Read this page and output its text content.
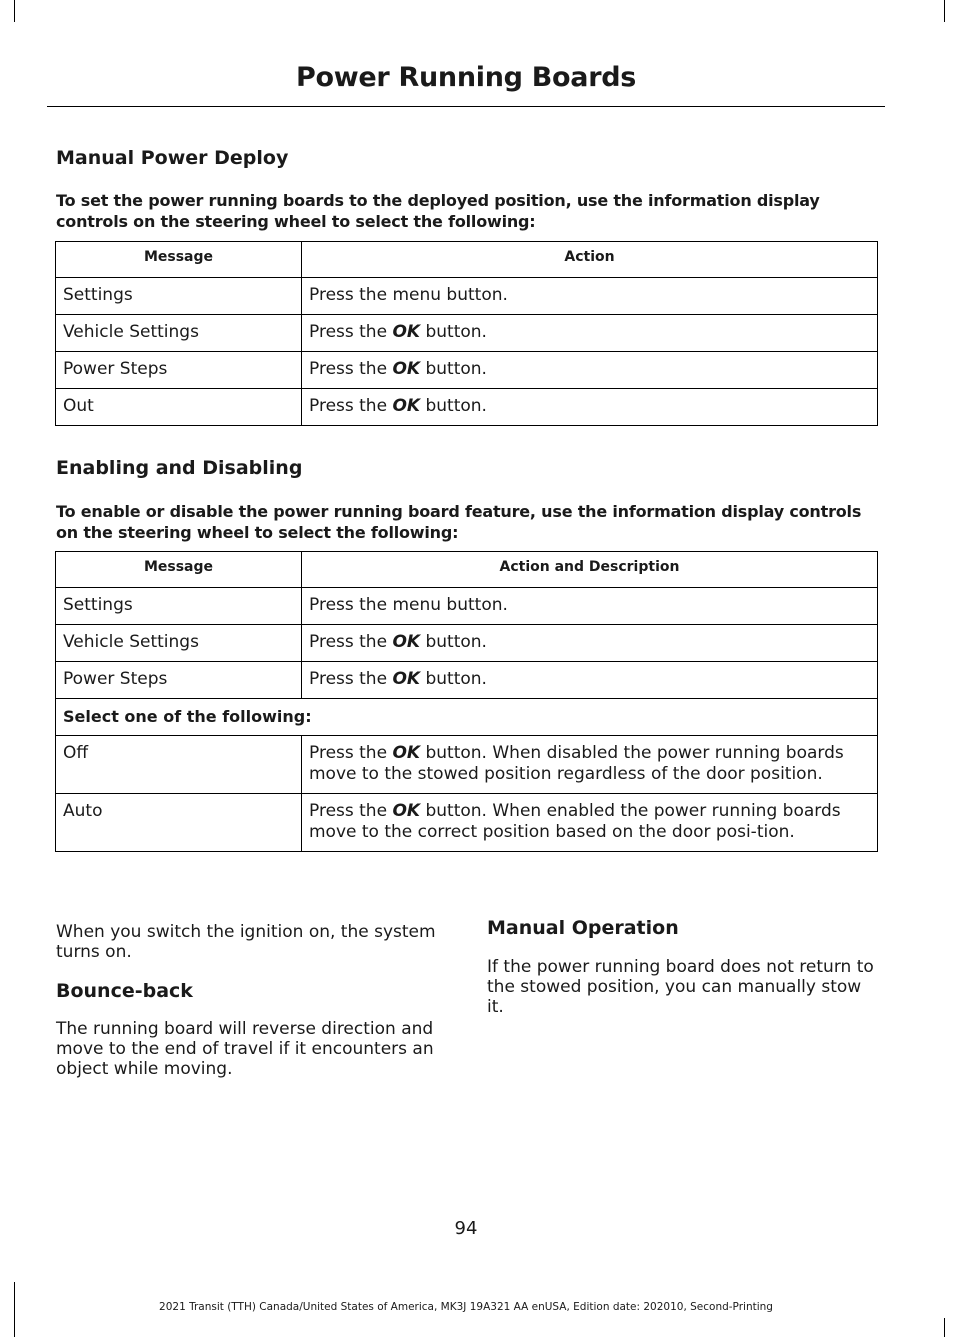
Power Running Boards
Manual Power Deploy

To set the power running boards to the deployed position, use the information display controls on the steering wheel to select the following:

Message	Action
Settings	Press the menu button.
Vehicle Settings	Press the OK button.
Power Steps	Press the OK button.
Out	Press the OK button.
Enabling and Disabling

To enable or disable the power running board feature, use the information display controls on the steering wheel to select the following:

Message	Action and Description
Settings	Press the menu button.
Vehicle Settings	Press the OK button.
Power Steps	Press the OK button.
Select one of the following:	
Off	Press the OK button. When disabled the power running boards move to the stowed position regardless of the door position.
Auto	Press the OK button. When enabled the power running boards move to the correct position based on the door posi-tion.

When you switch the ignition on, the system turns on.

Bounce-back

The running board will reverse direction and move to the end of travel if it encounters an object while moving.

Manual Operation

If the power running board does not return to the stowed position, you can manually stow it.

94
2021 Transit (TTH) Canada/United States of America, MK3J 19A321 AA enUSA, Edition date: 202010, Second-Printing
